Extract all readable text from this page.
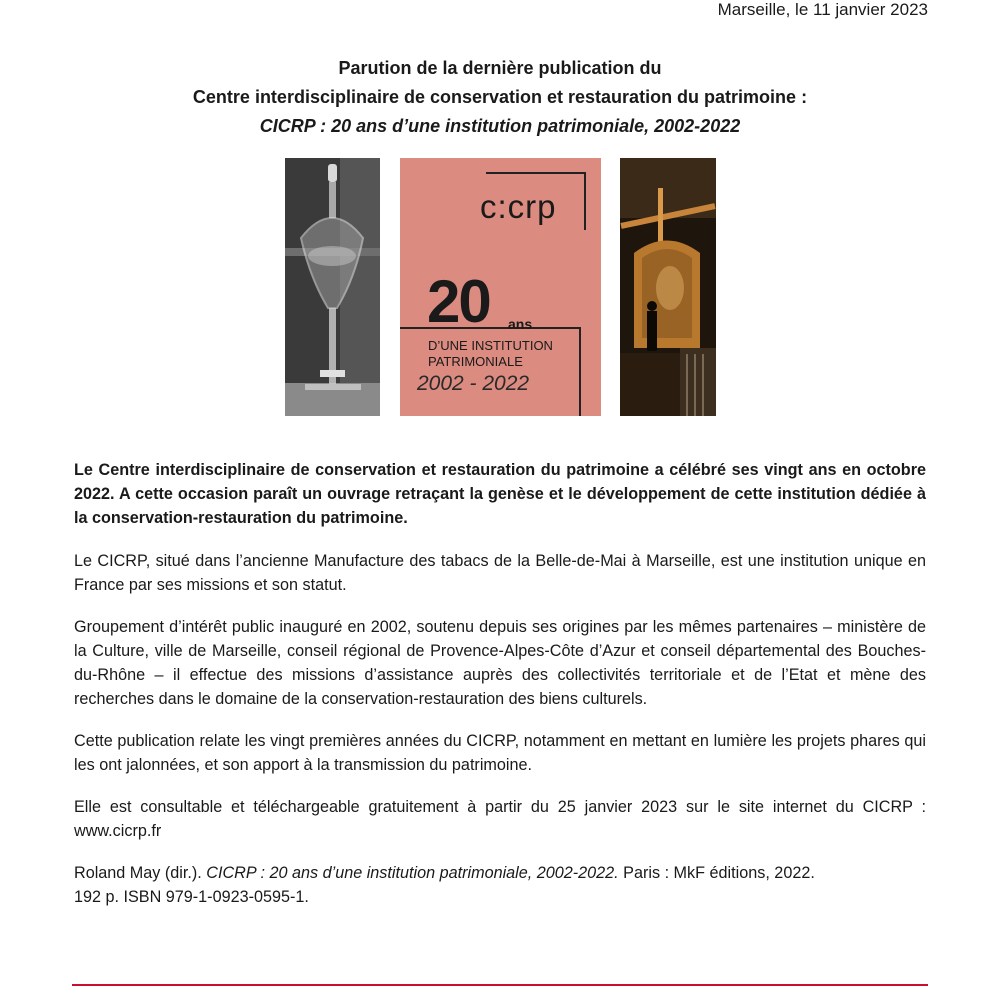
Marseille, le 11 janvier 2023
Parution de la dernière publication du
Centre interdisciplinaire de conservation et restauration du patrimoine :
CICRP : 20 ans d’une institution patrimoniale, 2002-2022
c:crp
20 ans
D’UNE INSTITUTION
PATRIMONIALE
2002 - 2022

Le Centre interdisciplinaire de conservation et restauration du patrimoine a célébré ses vingt ans en octobre 2022. A cette occasion paraît un ouvrage retraçant la genèse et le développement de cette institution dédiée à la conservation-restauration du patrimoine.

Le CICRP, situé dans l’ancienne Manufacture des tabacs de la Belle-de-Mai à Marseille, est une institution unique en France par ses missions et son statut.

Groupement d’intérêt public inauguré en 2002, soutenu depuis ses origines par les mêmes partenaires – ministère de la Culture, ville de Marseille, conseil régional de Provence-Alpes-Côte d’Azur et conseil départemental des Bouches-du-Rhône – il effectue des missions d’assistance auprès des collectivités territoriale et de l’Etat et mène des recherches dans le domaine de la conservation-restauration des biens culturels.

Cette publication relate les vingt premières années du CICRP, notamment en mettant en lumière les projets phares qui les ont jalonnées, et son apport à la transmission du patrimoine.

Elle est consultable et téléchargeable gratuitement à partir du 25 janvier 2023 sur le site internet du CICRP : www.cicrp.fr

Roland May (dir.). CICRP : 20 ans d’une institution patrimoniale, 2002-2022. Paris : MkF éditions, 2022.
192 p. ISBN 979-1-0923-0595-1.
